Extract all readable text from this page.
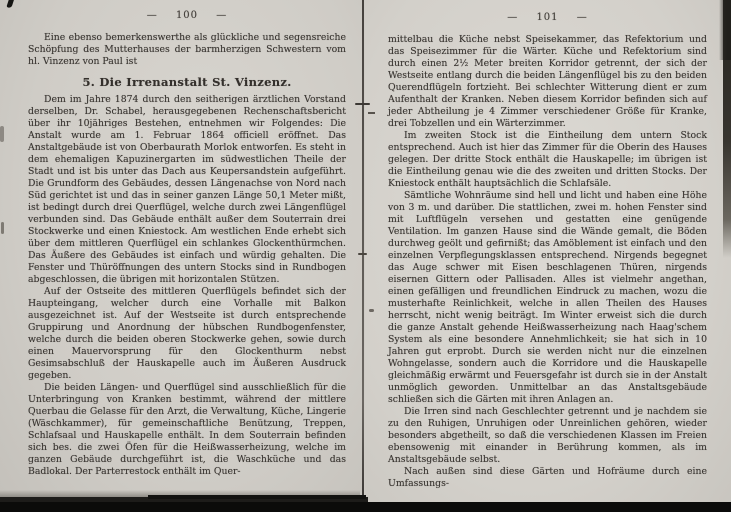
— 100 —

Eine ebenso bemerkenswerthe als glückliche und segensreiche Schöpfung des Mutterhauses der barmherzigen Schwestern vom hl. Vinzenz von Paul ist

5. Die Irrenanstalt St. Vinzenz.

Dem im Jahre 1874 durch den seitherigen ärztlichen Vorstand derselben, Dr. Schabel, herausgegebenen Rechenschaftsbericht über ihr 10jähriges Bestehen, entnehmen wir Folgendes: Die Anstalt wurde am 1. Februar 1864 officiell eröffnet. Das Anstaltgebäude ist von Oberbaurath Morlok entworfen. Es steht in dem ehemaligen Kapuzinergarten im südwestlichen Theile der Stadt und ist bis unter das Dach aus Keupersandstein aufgeführt. Die Grundform des Gebäudes, dessen Längenachse von Nord nach Süd gerichtet ist und das in seiner ganzen Länge 50,1 Meter mißt, ist bedingt durch drei Querflügel, welche durch zwei Längenflügel verbunden sind. Das Gebäude enthält außer dem Souterrain drei Stockwerke und einen Kniestock. Am westlichen Ende erhebt sich über dem mittleren Querflügel ein schlankes Glockenthürmchen. Das Äußere des Gebäudes ist einfach und würdig gehalten. Die Fenster und Thüröffnungen des untern Stocks sind in Rundbogen abgeschlossen, die übrigen mit horizontalen Stützen.

Auf der Ostseite des mittleren Querflügels befindet sich der Haupteingang, welcher durch eine Vorhalle mit Balkon ausgezeichnet ist. Auf der Westseite ist durch entsprechende Gruppirung und Anordnung der hübschen Rundbogenfenster, welche durch die beiden oberen Stockwerke gehen, sowie durch einen Mauervorsprung für den Glockenthurm nebst Gesimsabschluß der Hauskapelle auch im Äußeren Ausdruck gegeben.

Die beiden Längen- und Querflügel sind ausschließlich für die Unterbringung von Kranken bestimmt, während der mittlere Querbau die Gelasse für den Arzt, die Verwaltung, Küche, Lingerie (Wäschkammer), für gemeinschaftliche Benützung, Treppen, Schlafsaal und Hauskapelle enthält. In dem Souterrain befinden sich bes. die zwei Öfen für die Heißwasserheizung, welche im ganzen Gebäude durchgeführt ist, die Waschküche und das Badlokal. Der Parterrestock enthält im Quer-

— 101 —

mittelbau die Küche nebst Speisekammer, das Refektorium und das Speisezimmer für die Wärter. Küche und Refektorium sind durch einen 2½ Meter breiten Korridor getrennt, der sich der Westseite entlang durch die beiden Längenflügel bis zu den beiden Querendflügeln fortzieht. Bei schlechter Witterung dient er zum Aufenthalt der Kranken. Neben diesem Korridor befinden sich auf jeder Abtheilung je 4 Zimmer verschiedener Größe für Kranke, drei Tobzellen und ein Wärterzimmer.

Im zweiten Stock ist die Eintheilung dem untern Stock entsprechend. Auch ist hier das Zimmer für die Oberin des Hauses gelegen. Der dritte Stock enthält die Hauskapelle; im übrigen ist die Eintheilung genau wie die des zweiten und dritten Stocks. Der Kniestock enthält hauptsächlich die Schlafsäle.

Sämtliche Wohnräume sind hell und licht und haben eine Höhe von 3 m. und darüber. Die stattlichen, zwei m. hohen Fenster sind mit Luftflügeln versehen und gestatten eine genügende Ventilation. Im ganzen Hause sind die Wände gemalt, die Böden durchweg geölt und gefirnißt; das Amöblement ist einfach und den einzelnen Verpflegungsklassen entsprechend. Nirgends begegnet das Auge schwer mit Eisen beschlagenen Thüren, nirgends eisernen Gittern oder Pallisaden. Alles ist vielmehr angethan, einen gefälligen und freundlichen Eindruck zu machen, wozu die musterhafte Reinlichkeit, welche in allen Theilen des Hauses herrscht, nicht wenig beiträgt. Im Winter erweist sich die durch die ganze Anstalt gehende Heißwasserheizung nach Haag'schem System als eine besondere Annehmlichkeit; sie hat sich in 10 Jahren gut erprobt. Durch sie werden nicht nur die einzelnen Wohngelasse, sondern auch die Korridore und die Hauskapelle gleichmäßig erwärmt und Feuersgefahr ist durch sie in der Anstalt unmöglich geworden. Unmittelbar an das Anstaltsgebäude schließen sich die Gärten mit ihren Anlagen an.

Die Irren sind nach Geschlechter getrennt und je nachdem sie zu den Ruhigen, Unruhigen oder Unreinlichen gehören, wieder besonders abgetheilt, so daß die verschiedenen Klassen im Freien ebensowenig mit einander in Berührung kommen, als im Anstaltsgebäude selbst.

Nach außen sind diese Gärten und Hofräume durch eine Umfassungs-
